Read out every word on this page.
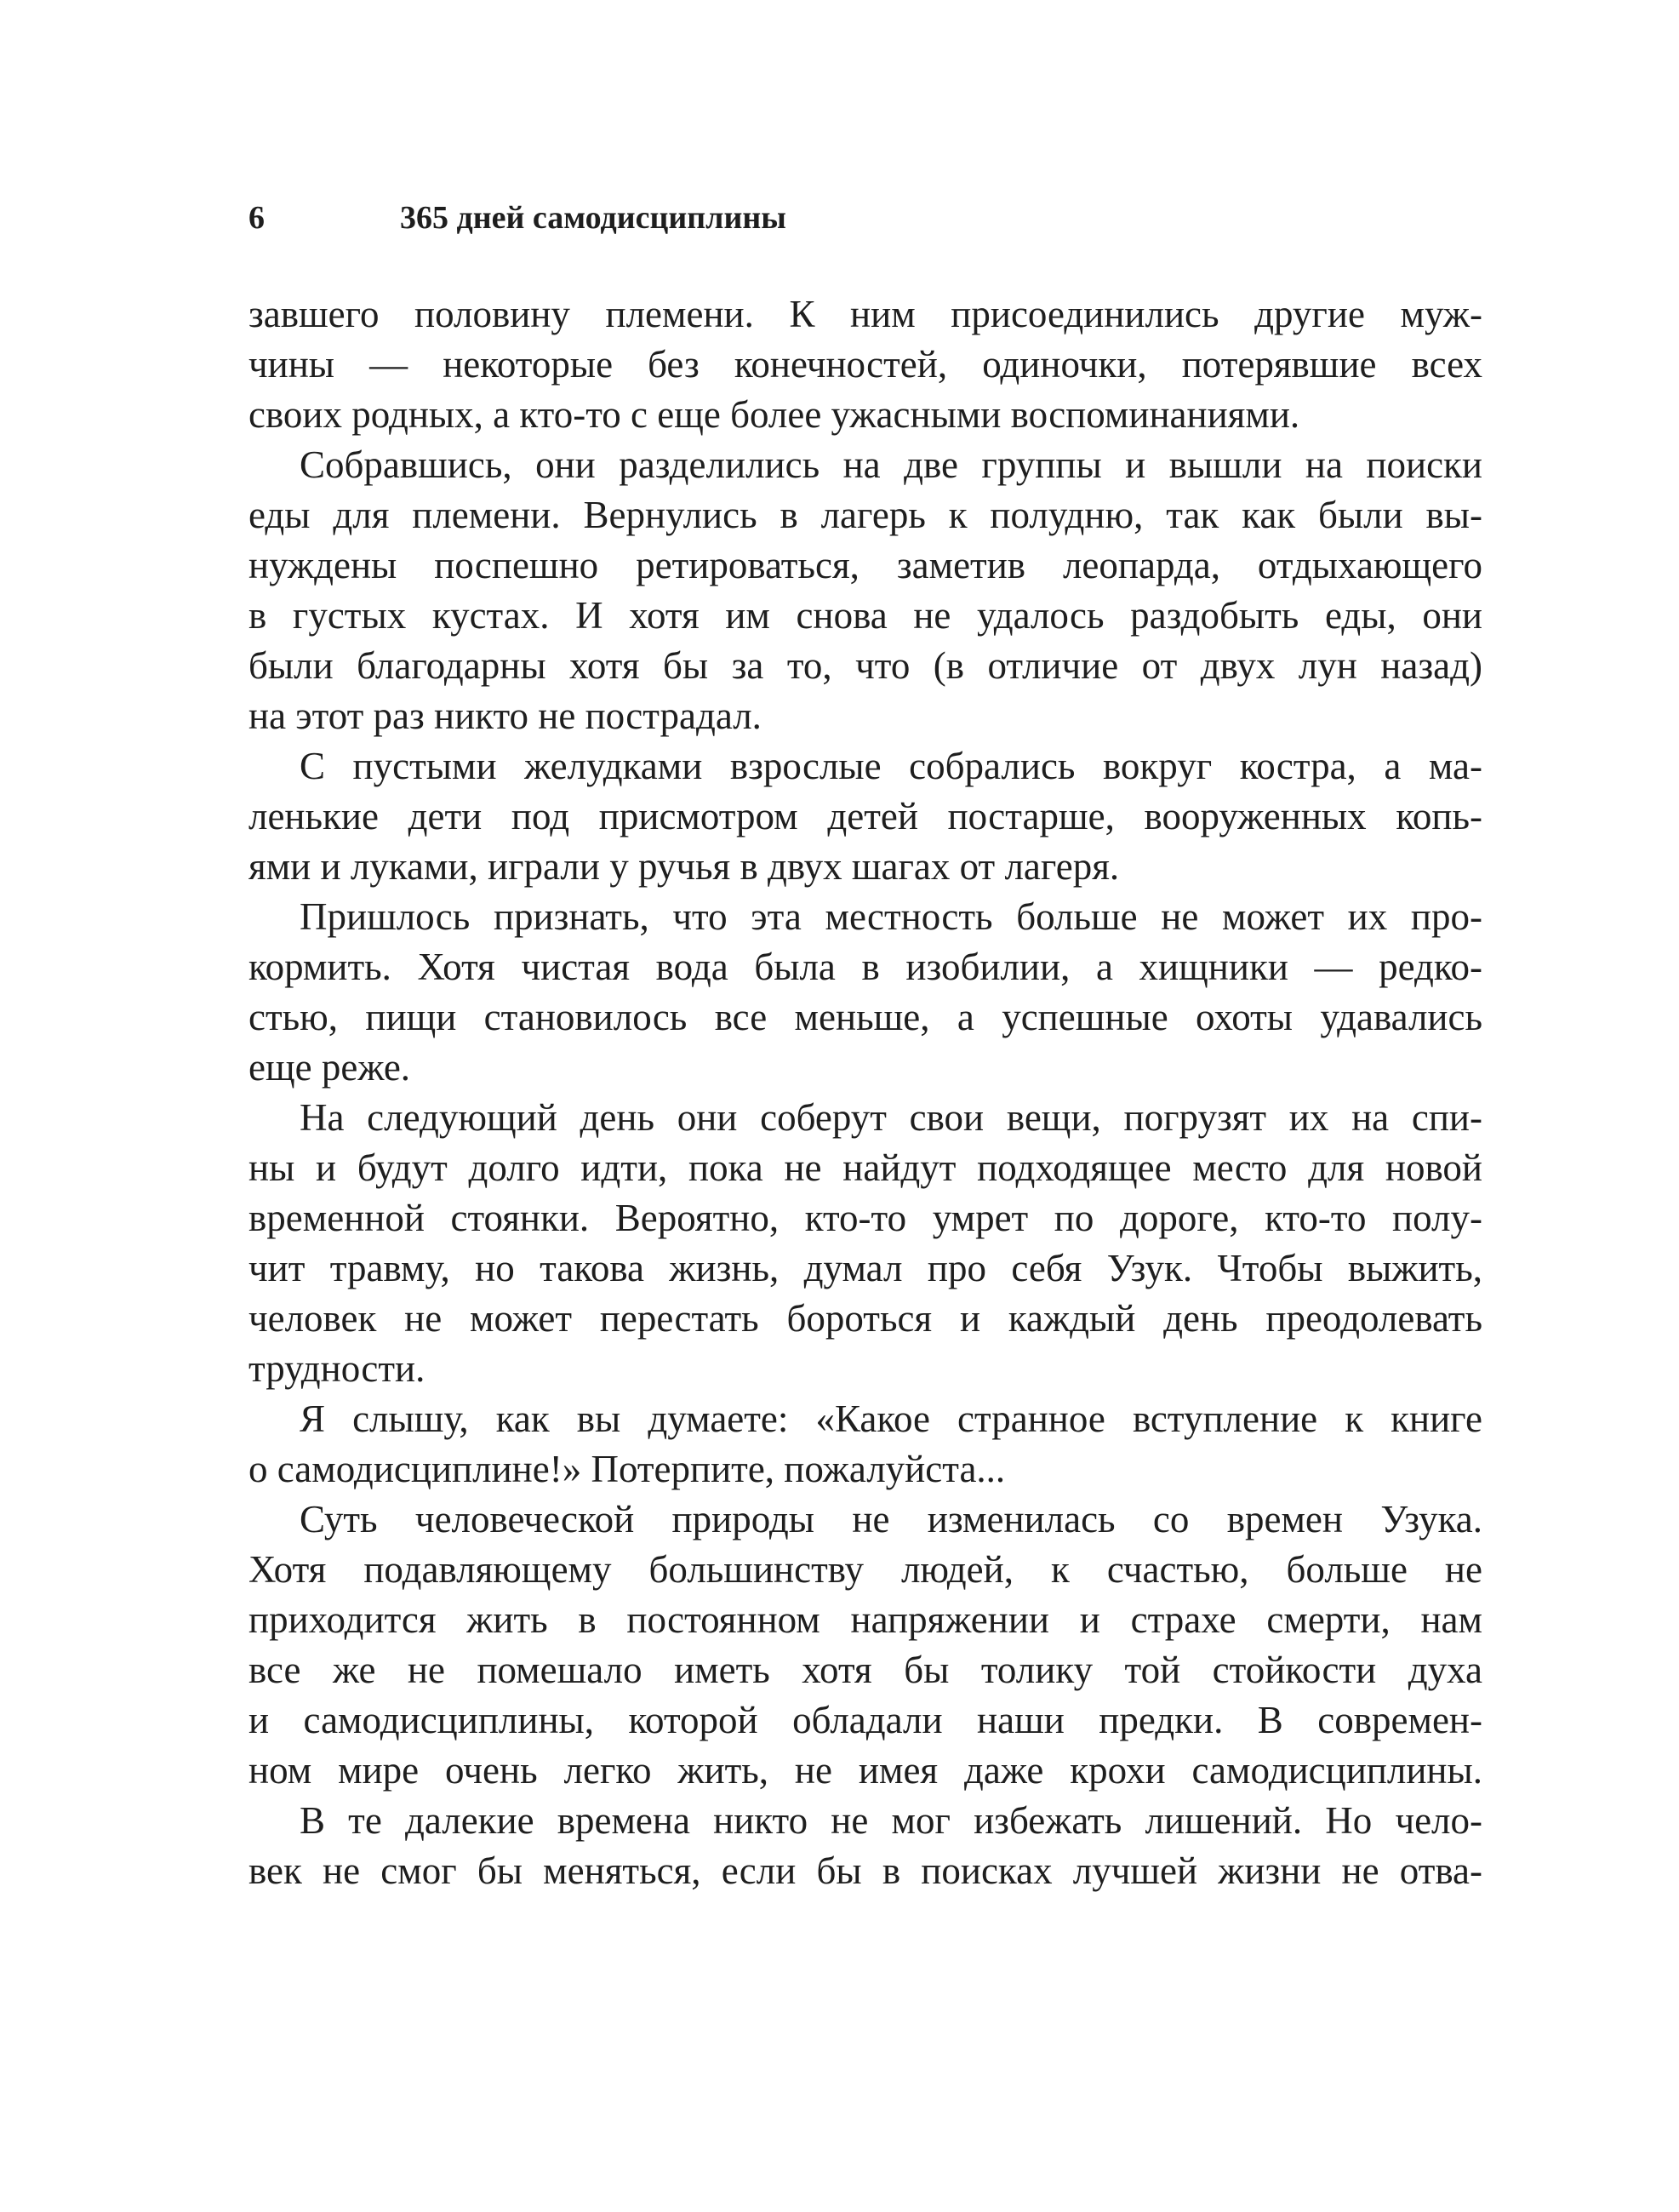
6	365 дней самодисциплины
завшего половину племени. К ним присоединились другие муж-
чины — некоторые без конечностей, одиночки, потерявшие всех
своих родных, а кто-то с еще более ужасными воспоминаниями.
Собравшись, они разделились на две группы и вышли на поиски
еды для племени. Вернулись в лагерь к полудню, так как были вы-
нуждены поспешно ретироваться, заметив леопарда, отдыхающего
в густых кустах. И хотя им снова не удалось раздобыть еды, они
были благодарны хотя бы за то, что (в отличие от двух лун назад)
на этот раз никто не пострадал.
С пустыми желудками взрослые собрались вокруг костра, а ма-
ленькие дети под присмотром детей постарше, вооруженных копь-
ями и луками, играли у ручья в двух шагах от лагеря.
Пришлось признать, что эта местность больше не может их про-
кормить. Хотя чистая вода была в изобилии, а хищники — редко-
стью, пищи становилось все меньше, а успешные охоты удавались
еще реже.
На следующий день они соберут свои вещи, погрузят их на спи-
ны и будут долго идти, пока не найдут подходящее место для новой
временной стоянки. Вероятно, кто-то умрет по дороге, кто-то полу-
чит травму, но такова жизнь, думал про себя Узук. Чтобы выжить,
человек не может перестать бороться и каждый день преодолевать
трудности.
Я слышу, как вы думаете: «Какое странное вступление к книге
о самодисциплине!» Потерпите, пожалуйста...
Суть человеческой природы не изменилась со времен Узука.
Хотя подавляющему большинству людей, к счастью, больше не
приходится жить в постоянном напряжении и страхе смерти, нам
все же не помешало иметь хотя бы толику той стойкости духа
и самодисциплины, которой обладали наши предки. В современ-
ном мире очень легко жить, не имея даже крохи самодисциплины.
В те далекие времена никто не мог избежать лишений. Но чело-
век не смог бы меняться, если бы в поисках лучшей жизни не отва-
